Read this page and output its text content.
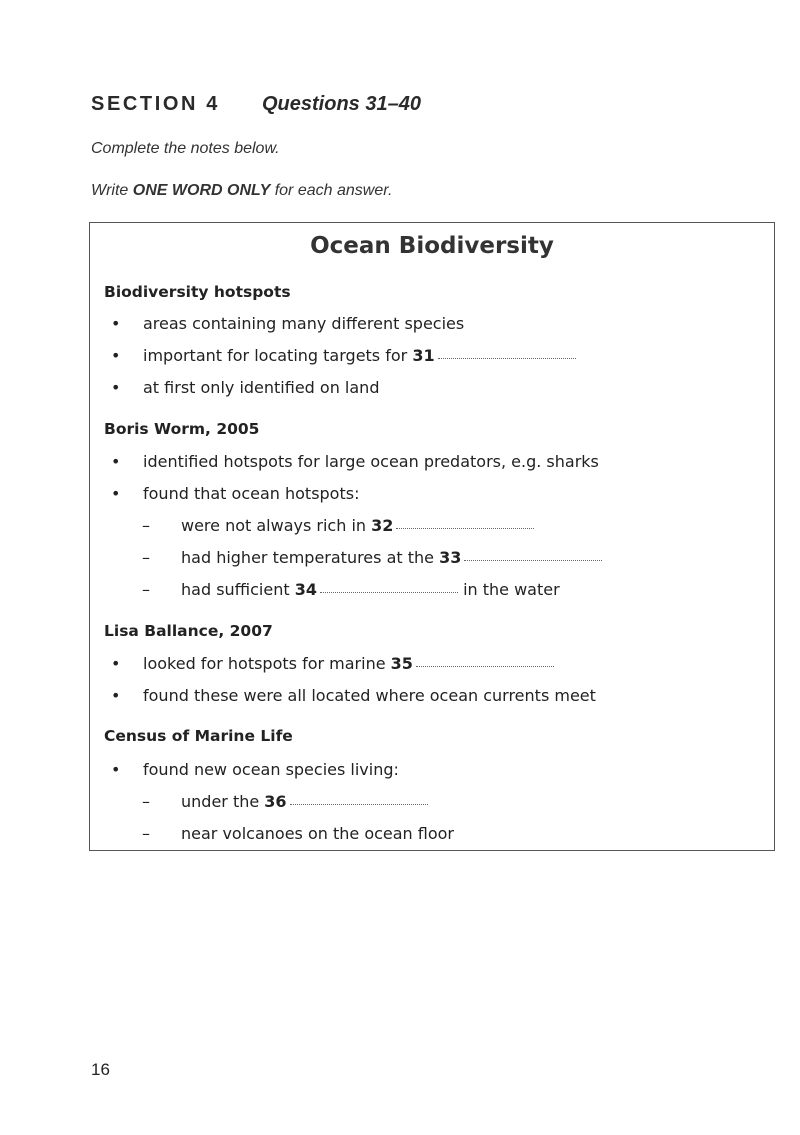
SECTION 4 Questions 31–40
Complete the notes below.
Write ONE WORD ONLY for each answer.
Ocean Biodiversity
Biodiversity hotspots
• areas containing many different species
• important for locating targets for 31
• at first only identified on land
Boris Worm, 2005
• identified hotspots for large ocean predators, e.g. sharks
• found that ocean hotspots:
– were not always rich in 32
– had higher temperatures at the 33
– had sufficient 34	in the water
Lisa Ballance, 2007
• looked for hotspots for marine 35
• found these were all located where ocean currents meet
Census of Marine Life
• found new ocean species living:
– under the 36
– near volcanoes on the ocean floor
16
